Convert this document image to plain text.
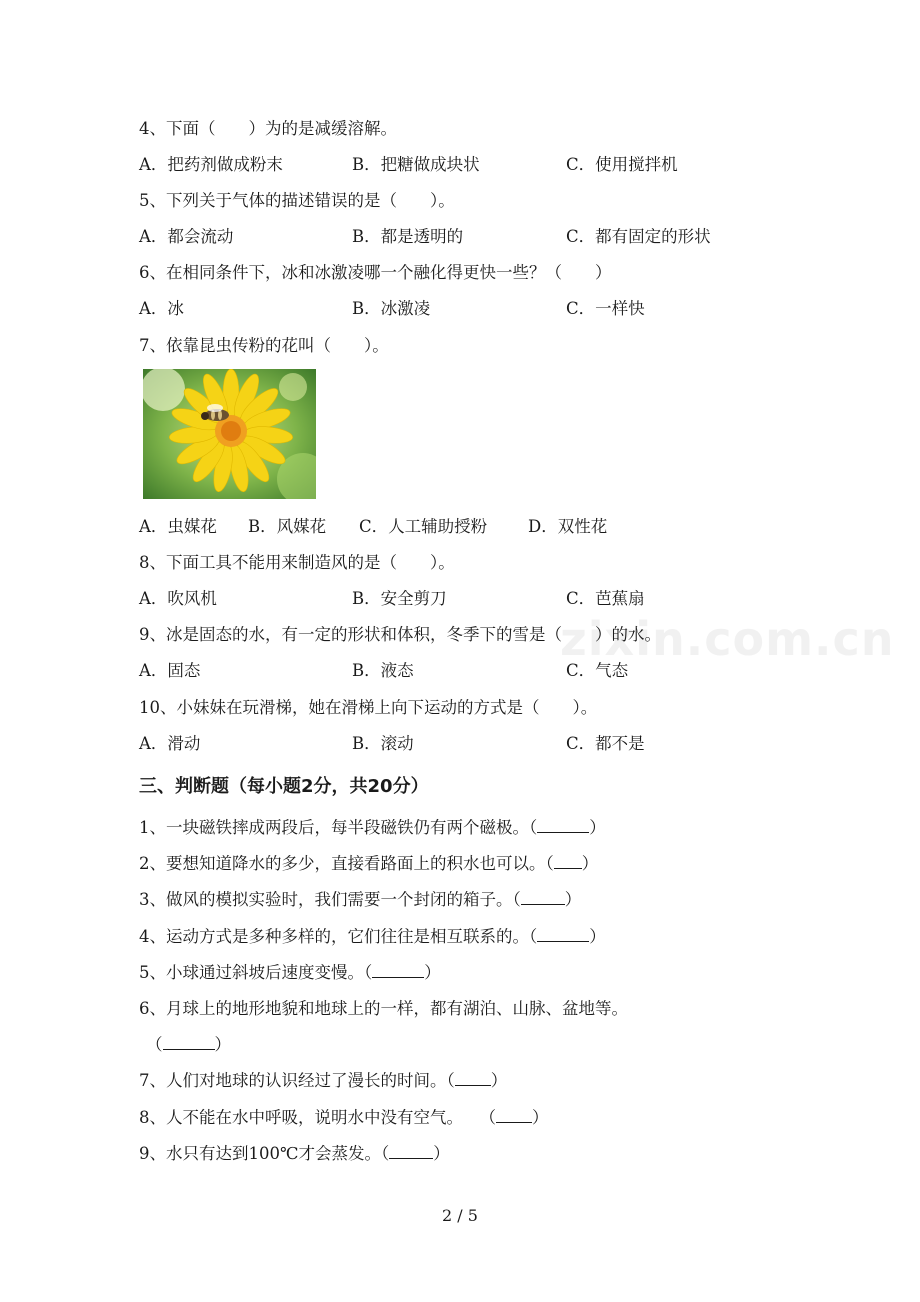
4、下面（　　）为的是减缓溶解。
A．把药剂做成粉末	B．把糖做成块状	C．使用搅拌机
5、下列关于气体的描述错误的是（　　）。
A．都会流动	B．都是透明的	C．都有固定的形状
6、在相同条件下，冰和冰激凌哪一个融化得更快一些？（　　）
A．冰	B．冰激凌	C．一样快
7、依靠昆虫传粉的花叫（　　）。
A．虫媒花 B．风媒花 C．人工辅助授粉 D．双性花
8、下面工具不能用来制造风的是（　　）。
A．吹风机	B．安全剪刀	C．芭蕉扇
zixin.com.cn
9、冰是固态的水，有一定的形状和体积，冬季下的雪是（　　）的水。
A．固态	B．液态	C．气态
10、小妹妹在玩滑梯，她在滑梯上向下运动的方式是（　　）。
A．滑动	B．滚动	C．都不是
三、判断题（每小题2分，共20分）
1、一块磁铁摔成两段后，每半段磁铁仍有两个磁极。（	）
2、要想知道降水的多少，直接看路面上的积水也可以。（ ）
3、做风的模拟实验时，我们需要一个封闭的箱子。（	）
4、运动方式是多种多样的，它们往往是相互联系的。（	）
5、小球通过斜坡后速度变慢。（	）
6、月球上的地形地貌和地球上的一样，都有湖泊、山脉、盆地等。
（	）
7、人们对地球的认识经过了漫长的时间。（ ）
8、人不能在水中呼吸，说明水中没有空气。　　（ ）
9、水只有达到100℃才会蒸发。（	）
2 / 5
